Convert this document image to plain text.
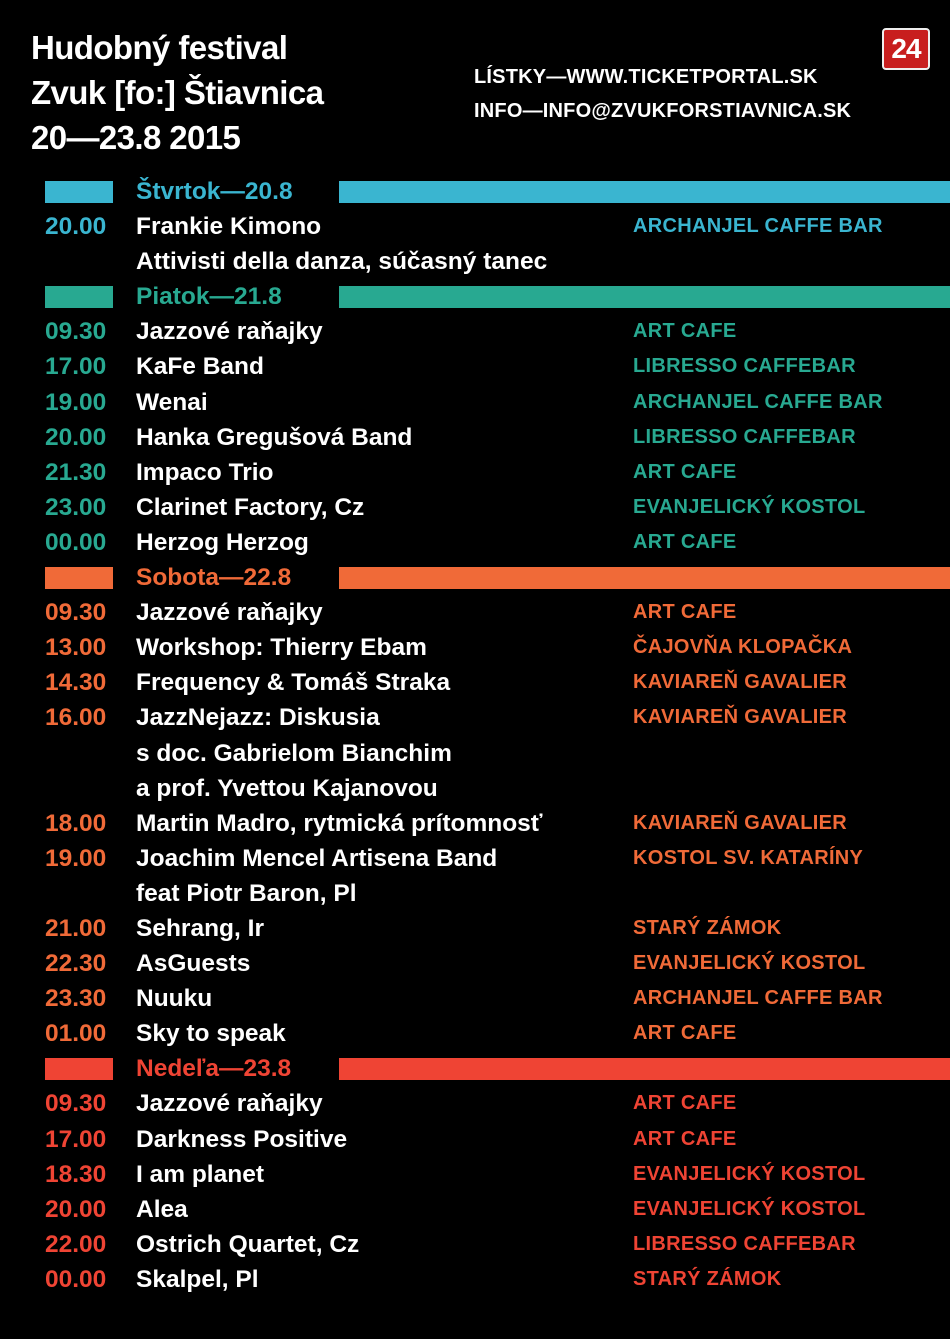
Hudobný festival
Zvuk [fo:] Štiavnica
20—23.8 2015
LÍSTKY—WWW.TICKETPORTAL.SK
INFO—INFO@ZVUKFORSTIAVNICA.SK
24
Štvrtok—20.8
20.00 Frankie Kimono	ARCHANJEL CAFFE BAR
Attivisti della danza, súčasný tanec
Piatok—21.8
09.30 Jazzové raňajky	ART CAFE
17.00 KaFe Band	LIBRESSO CAFFEBAR
19.00 Wenai	ARCHANJEL CAFFE BAR
20.00 Hanka Gregušová Band	LIBRESSO CAFFEBAR
21.30 Impaco Trio	ART CAFE
23.00 Clarinet Factory, Cz	EVANJELICKÝ KOSTOL
00.00 Herzog Herzog	ART CAFE
Sobota—22.8
09.30 Jazzové raňajky	ART CAFE
13.00 Workshop: Thierry Ebam	ČAJOVŇA KLOPAČKA
14.30 Frequency & Tomáš Straka	KAVIAREŇ GAVALIER
16.00 JazzNejazz: Diskusia	KAVIAREŇ GAVALIER
s doc. Gabrielom Bianchim
a prof. Yvettou Kajanovou
18.00 Martin Madro, rytmická prítomnosť	KAVIAREŇ GAVALIER
19.00 Joachim Mencel Artisena Band	KOSTOL SV. KATARÍNY
feat Piotr Baron, Pl
21.00 Sehrang, Ir	STARÝ ZÁMOK
22.30 AsGuests	EVANJELICKÝ KOSTOL
23.30 Nuuku	ARCHANJEL CAFFE BAR
01.00 Sky to speak	ART CAFE
Nedeľa—23.8
09.30 Jazzové raňajky	ART CAFE
17.00 Darkness Positive	ART CAFE
18.30 I am planet	EVANJELICKÝ KOSTOL
20.00 Alea	EVANJELICKÝ KOSTOL
22.00 Ostrich Quartet, Cz	LIBRESSO CAFFEBAR
00.00 Skalpel, Pl	STARÝ ZÁMOK
